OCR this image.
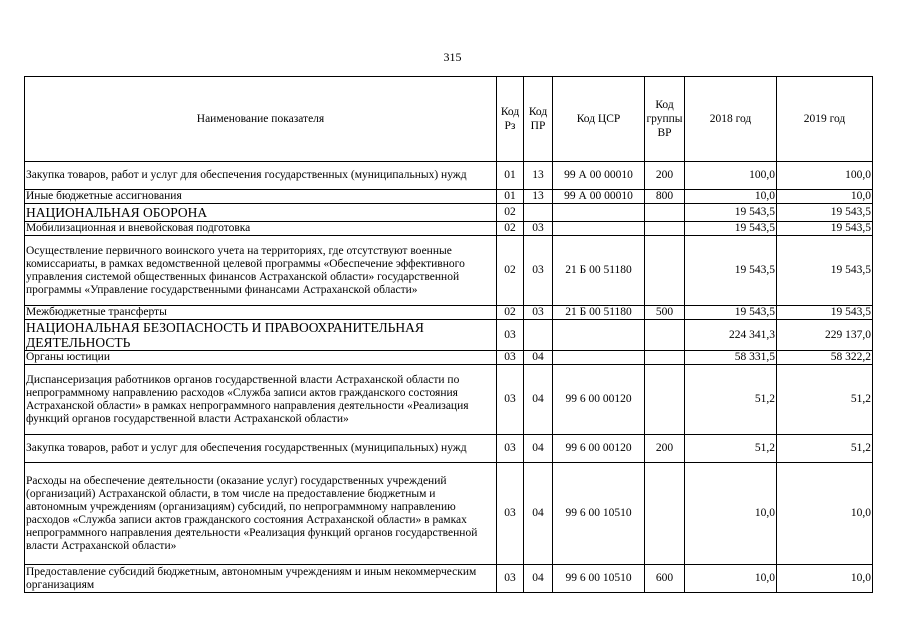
315
Наименование показателя	Код Рз	Код ПР	Код ЦСР	Код группы ВР	2018 год	2019 год
Закупка товаров, работ и услуг для обеспечения государственных (муниципальных) нужд	01	13	99 А 00 00010	200	100,0	100,0
Иные бюджетные ассигнования	01	13	99 А 00 00010	800	10,0	10,0
НАЦИОНАЛЬНАЯ ОБОРОНА	02				19 543,5	19 543,5
Мобилизационная и вневойсковая подготовка	02	03			19 543,5	19 543,5
Осуществление первичного воинского учета на территориях, где отсутствуют военные комиссариаты, в рамках ведомственной целевой программы «Обеспечение эффективного управления системой общественных финансов Астраханской области» государственной программы «Управление государственными финансами Астраханской области»	02	03	21 Б 00 51180		19 543,5	19 543,5
Межбюджетные трансферты	02	03	21 Б 00 51180	500	19 543,5	19 543,5
НАЦИОНАЛЬНАЯ БЕЗОПАСНОСТЬ И ПРАВООХРАНИТЕЛЬНАЯ ДЕЯТЕЛЬНОСТЬ	03				224 341,3	229 137,0
Органы юстиции	03	04			58 331,5	58 322,2
Диспансеризация работников органов государственной власти Астраханской области по непрограммному направлению расходов «Служба записи актов гражданского состояния Астраханской области» в рамках непрограммного направления деятельности «Реализация функций органов государственной власти Астраханской области»	03	04	99 6 00 00120		51,2	51,2
Закупка товаров, работ и услуг для обеспечения государственных (муниципальных) нужд	03	04	99 6 00 00120	200	51,2	51,2
Расходы на обеспечение деятельности (оказание услуг) государственных учреждений (организаций) Астраханской области, в том числе на предоставление бюджетным и автономным учреждениям (организациям) субсидий, по непрограммному направлению расходов «Служба записи актов гражданского состояния Астраханской области» в рамках непрограммного направления деятельности «Реализация функций органов государственной власти Астраханской области»	03	04	99 6 00 10510		10,0	10,0
Предоставление субсидий бюджетным, автономным учреждениям и иным некоммерческим организациям	03	04	99 6 00 10510	600	10,0	10,0
